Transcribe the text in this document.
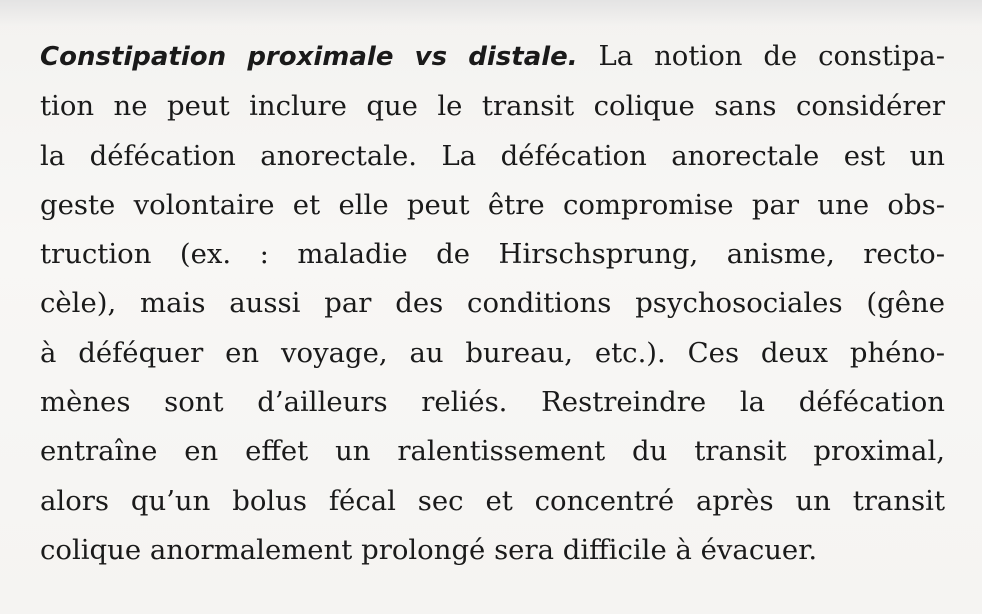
Constipation proximale vs distale. La notion de constipa-
tion ne peut inclure que le transit colique sans considérer
la défécation anorectale. La défécation anorectale est un
geste volontaire et elle peut être compromise par une obs-
truction (ex. : maladie de Hirschsprung, anisme, recto-
cèle), mais aussi par des conditions psychosociales (gêne
à déféquer en voyage, au bureau, etc.). Ces deux phéno-
mènes sont d’ailleurs reliés. Restreindre la défécation
entraîne en effet un ralentissement du transit proximal,
alors qu’un bolus fécal sec et concentré après un transit
colique anormalement prolongé sera difficile à évacuer.
